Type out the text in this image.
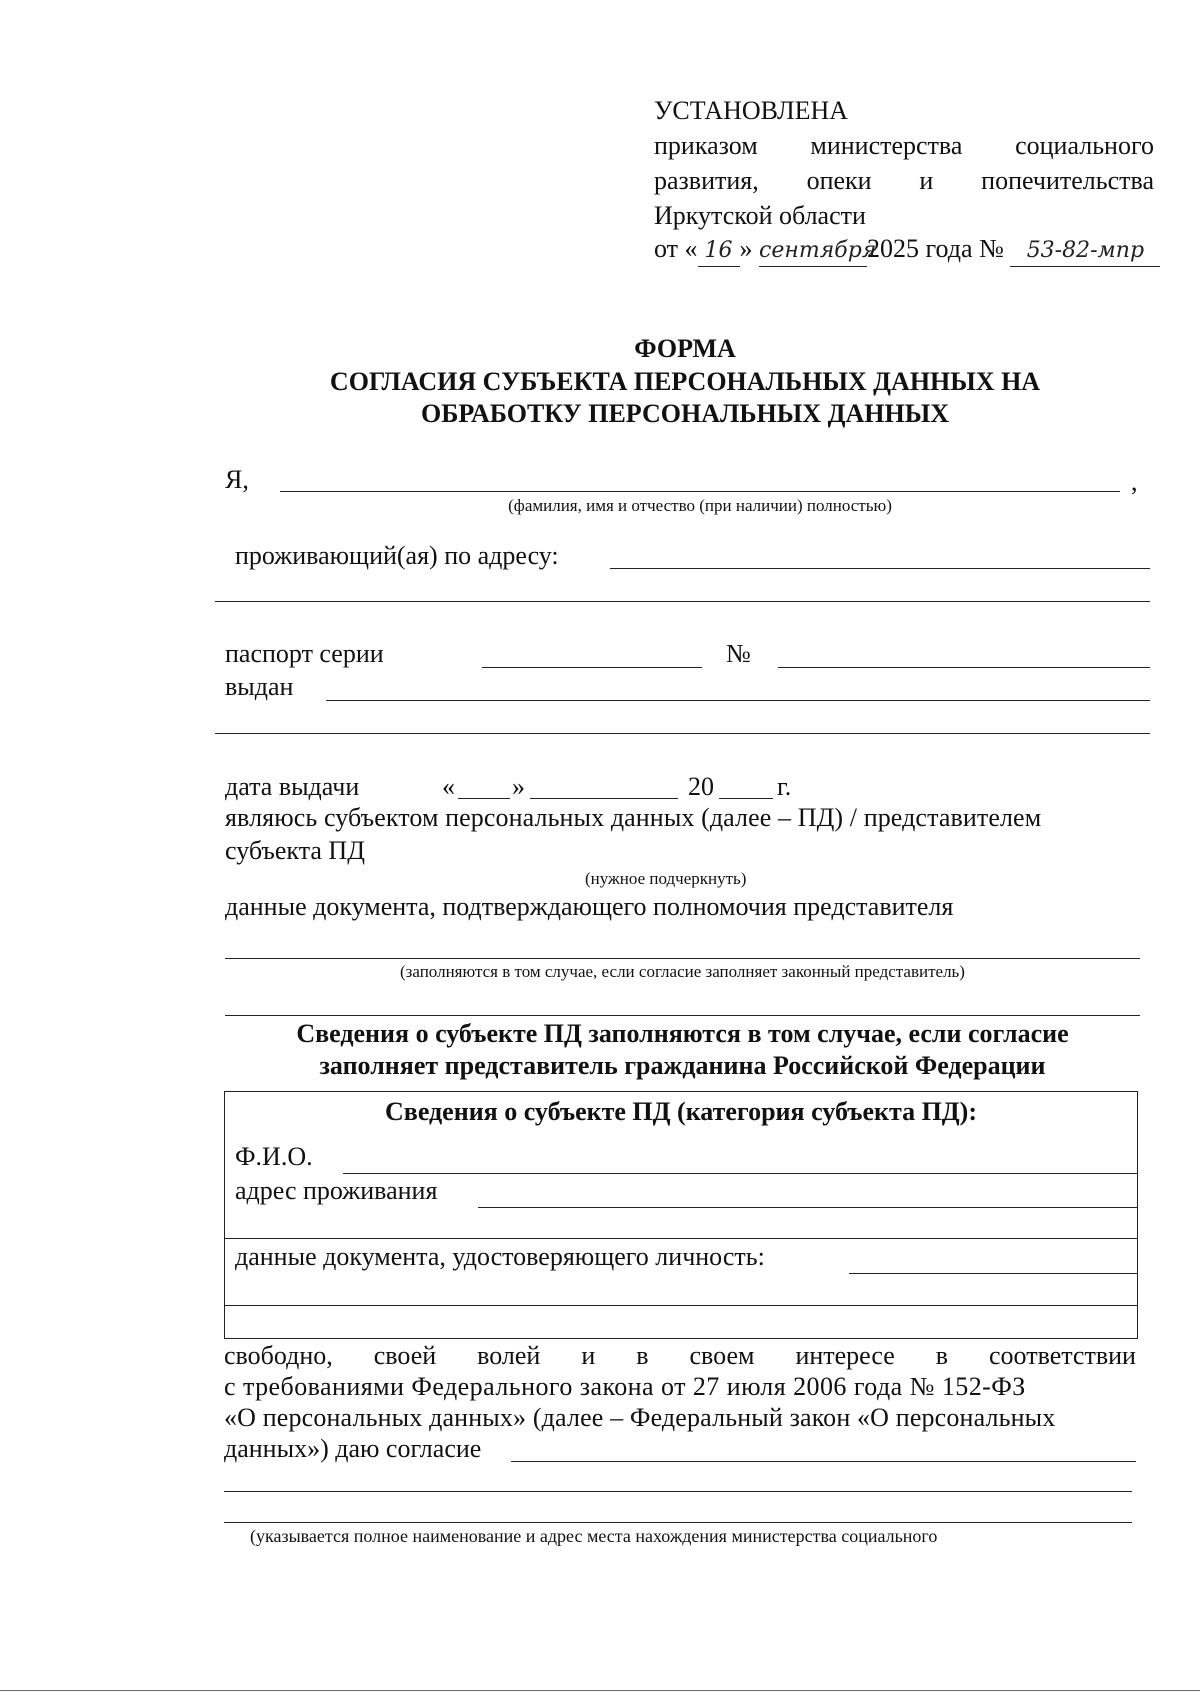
УСТАНОВЛЕНА
приказом министерства социального
развития, опеки и попечительства
Иркутской области
от « 16 » сентября2025 года № 53-82-мпр
ФОРМА
СОГЛАСИЯ СУБЪЕКТА ПЕРСОНАЛЬНЫХ ДАННЫХ НА
ОБРАБОТКУ ПЕРСОНАЛЬНЫХ ДАННЫХ
Я,	,
(фамилия, имя и отчество (при наличии) полностью)
проживающий(ая) по адресу:
паспорт серии	№
выдан
дата выдачи	« »	20 г.
являюсь субъектом персональных данных (далее – ПД) / представителем
субъекта ПД
(нужное подчеркнуть)
данные документа, подтверждающего полномочия представителя
(заполняются в том случае, если согласие заполняет законный представитель)
Сведения о субъекте ПД заполняются в том случае, если согласие
заполняет представитель гражданина Российской Федерации
Сведения о субъекте ПД (категория субъекта ПД):
Ф.И.О.
адрес проживания
данные документа, удостоверяющего личность:
свободно, своей волей и в своем интересе в соответствии
с требованиями Федерального закона от 27 июля 2006 года № 152-ФЗ
«О персональных данных» (далее – Федеральный закон «О персональных
данных») даю согласие
(указывается полное наименование и адрес места нахождения министерства социального
